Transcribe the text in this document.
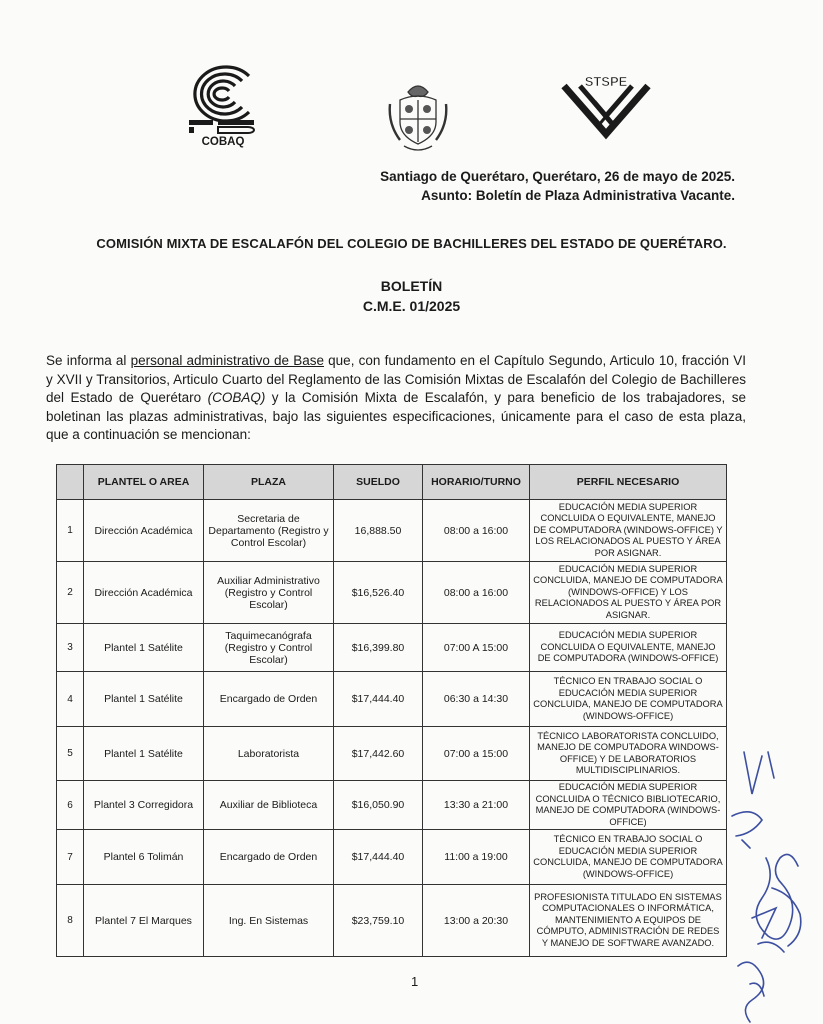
COBAQ
STSPE
Santiago de Querétaro, Querétaro, 26 de mayo de 2025.
Asunto: Boletín de Plaza Administrativa Vacante.
COMISIÓN MIXTA DE ESCALAFÓN DEL COLEGIO DE BACHILLERES DEL ESTADO DE QUERÉTARO.
BOLETÍN
C.M.E. 01/2025

Se informa al personal administrativo de Base que, con fundamento en el Capítulo Segundo, Articulo 10, fracción VI y XVII y Transitorios, Articulo Cuarto del Reglamento de las Comisión Mixtas de Escalafón del Colegio de Bachilleres del Estado de Querétaro (COBAQ) y la Comisión Mixta de Escalafón, y para beneficio de los trabajadores, se boletinan las plazas administrativas, bajo las siguientes especificaciones, únicamente para el caso de esta plaza, que a continuación se mencionan:

	PLANTEL O AREA	PLAZA	SUELDO	HORARIO/TURNO	PERFIL NECESARIO
1	Dirección Académica	Secretaria de Departamento (Registro y Control Escolar)	16,888.50	08:00 a 16:00	EDUCACIÓN MEDIA SUPERIOR CONCLUIDA O EQUIVALENTE, MANEJO DE COMPUTADORA (WINDOWS-OFFICE) Y LOS RELACIONADOS AL PUESTO Y ÁREA POR ASIGNAR.
2	Dirección Académica	Auxiliar Administrativo (Registro y Control Escolar)	$16,526.40	08:00 a 16:00	EDUCACIÓN MEDIA SUPERIOR CONCLUIDA, MANEJO DE COMPUTADORA (WINDOWS-OFFICE) Y LOS RELACIONADOS AL PUESTO Y ÁREA POR ASIGNAR.
3	Plantel 1 Satélite	Taquimecanógrafa (Registro y Control Escolar)	$16,399.80	07:00 A 15:00	EDUCACIÓN MEDIA SUPERIOR CONCLUIDA O EQUIVALENTE, MANEJO DE COMPUTADORA (WINDOWS-OFFICE)
4	Plantel 1 Satélite	Encargado de Orden	$17,444.40	06:30 a 14:30	TÉCNICO EN TRABAJO SOCIAL O EDUCACIÓN MEDIA SUPERIOR CONCLUIDA, MANEJO DE COMPUTADORA (WINDOWS-OFFICE)
5	Plantel 1 Satélite	Laboratorista	$17,442.60	07:00 a 15:00	TÉCNICO LABORATORISTA CONCLUIDO, MANEJO DE COMPUTADORA WINDOWS-OFFICE) Y DE LABORATORIOS MULTIDISCIPLINARIOS.
6	Plantel 3 Corregidora	Auxiliar de Biblioteca	$16,050.90	13:30 a 21:00	EDUCACIÓN MEDIA SUPERIOR CONCLUIDA O TÉCNICO BIBLIOTECARIO, MANEJO DE COMPUTADORA (WINDOWS-OFFICE)
7	Plantel 6 Tolimán	Encargado de Orden	$17,444.40	11:00 a 19:00	TÉCNICO EN TRABAJO SOCIAL O EDUCACIÓN MEDIA SUPERIOR CONCLUIDA, MANEJO DE COMPUTADORA (WINDOWS-OFFICE)
8	Plantel 7 El Marques	Ing. En Sistemas	$23,759.10	13:00 a 20:30	PROFESIONISTA TITULADO EN SISTEMAS COMPUTACIONALES O INFORMÁTICA, MANTENIMIENTO A EQUIPOS DE CÓMPUTO, ADMINISTRACIÓN DE REDES Y MANEJO DE SOFTWARE AVANZADO.
1
